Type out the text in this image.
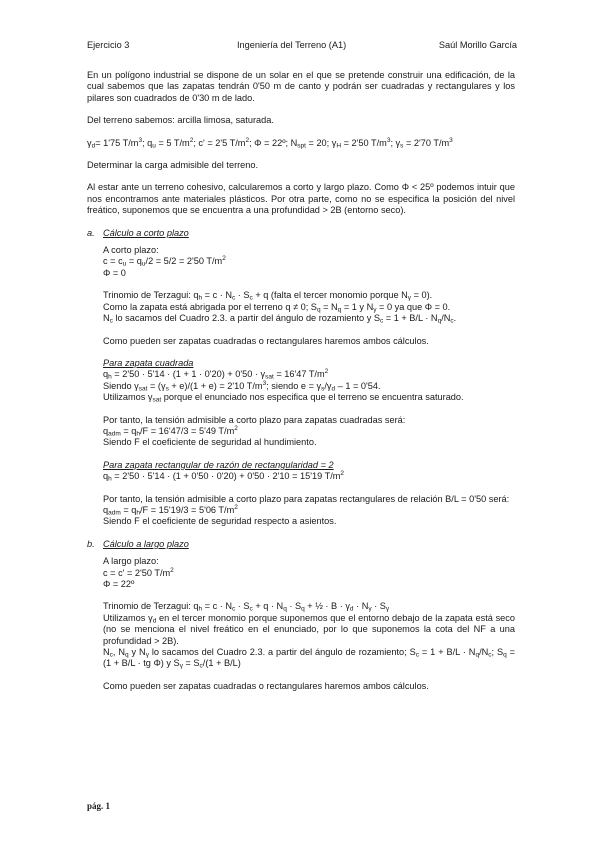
Ejercicio 3	Ingeniería del Terreno (A1)	Saúl Morillo García

En un polígono industrial se dispone de un solar en el que se pretende construir una edificación, de la cual sabemos que las zapatas tendrán 0'50 m de canto y podrán ser cuadradas y rectangulares y los pilares son cuadrados de 0'30 m de lado.

Del terreno sabemos: arcilla limosa, saturada.

$\gamma_d= 1'75$ $T/m^3$; $q_u = 5$ $T/m^2$; c' = 2'5 $T/m^2$; Φ = 22º; $N_{spt} = 20$; $\gamma_H = 2'50$ $T/m^3$; $\gamma_s = 2'70$ $T/m^3$

Determinar la carga admisible del terreno.

Al estar ante un terreno cohesivo, calcularemos a corto y largo plazo. Como Φ < 25º podemos intuir que nos encontramos ante materiales plásticos. Por otra parte, como no se especifica la posición del nivel freático, suponemos que se encuentra a una profundidad > 2B (entorno seco).

a. Cálculo a corto plazo

A corto plazo:

$c = c_u = q_u/2 = 5/2 = 2'50$ $T/m^2$

Φ = 0

Trinomio de Terzagui: $q_h = c \cdot N_c \cdot S_c + q$ (falta el tercer monomio porque $N_\gamma = 0$).

Como la zapata está abrigada por el terreno q ≠ 0; $S_q = N_q = 1$ y $N_\gamma = 0$ ya que Φ = 0.

$N_c$ lo sacamos del Cuadro 2.3. a partir del ángulo de rozamiento y $S_c = 1 + B/L \cdot N_q/N_c$.

Como pueden ser zapatas cuadradas o rectangulares haremos ambos cálculos.

Para zapata cuadrada

$q_h = 2'50 \cdot 5'14 \cdot (1 + 1 \cdot 0'20) + 0'50 \cdot \gamma_{sat} = 16'47$ $T/m^2$

Siendo $\gamma_{sat} = (\gamma_s + e)/(1 + e) = 2'10$ $T/m^3$; siendo $e = \gamma_s/\gamma_d - 1 = 0'54$.

Utilizamos $\gamma_{sat}$ porque el enunciado nos especifica que el terreno se encuentra saturado.

Por tanto, la tensión admisible a corto plazo para zapatas cuadradas será:

$q_{adm} = q_h/F = 16'47/3 = 5'49$ $T/m^2$

Siendo F el coeficiente de seguridad al hundimiento.

Para zapata rectangular de razón de rectangularidad = 2

$q_h = 2'50 \cdot 5'14 \cdot (1 + 0'50 \cdot 0'20) + 0'50 \cdot 2'10 = 15'19$ $T/m^2$

Por tanto, la tensión admisible a corto plazo para zapatas rectangulares de relación B/L = 0'50 será:

$q_{adm} = q_h/F = 15'19/3 = 5'06$ $T/m^2$

Siendo F el coeficiente de seguridad respecto a asientos.

b. Cálculo a largo plazo

A largo plazo:

c = c' = 2'50 $T/m^2$

Φ = 22º

Trinomio de Terzagui: $q_h = c \cdot N_c \cdot S_c + q \cdot N_q \cdot S_q$ + ½ · $B \cdot \gamma_d \cdot N_\gamma \cdot S_\gamma$

Utilizamos $\gamma_d$ en el tercer monomio porque suponemos que el entorno debajo de la zapata está seco (no se menciona el nivel freático en el enunciado, por lo que suponemos la cota del NF a una profundidad > 2B).

$N_c$, $N_q$ y $N_\gamma$ lo sacamos del Cuadro 2.3. a partir del ángulo de rozamiento; $S_c = 1 + B/L \cdot N_q/N_c$; $S_q = (1 + B/L$ · tg Φ) y $S_\gamma = S_c/(1 + B/L)$

Como pueden ser zapatas cuadradas o rectangulares haremos ambos cálculos.

pág. 1
